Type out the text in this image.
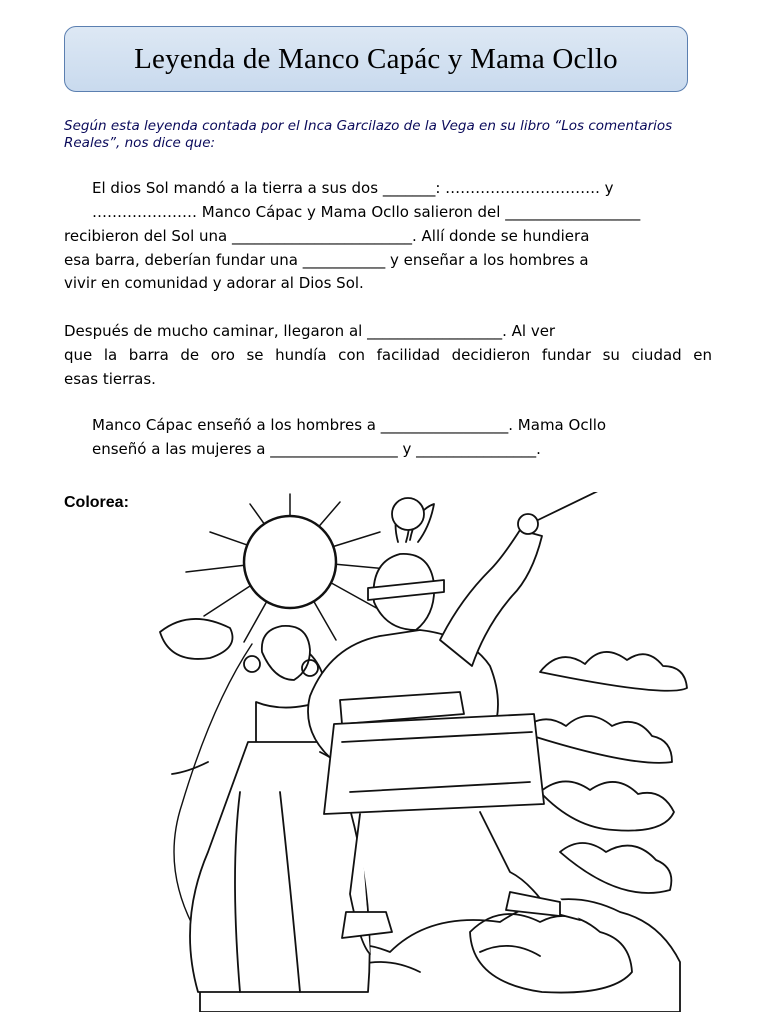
Leyenda de Manco Capác y Mama Ocllo
Según esta leyenda contada por el Inca Garcilazo de la Vega en su libro “Los comentarios Reales”, nos dice que:
El dios Sol mandó a la tierra a sus dos _______: …………………………. y
………………… Manco Cápac y Mama Ocllo salieron del __________________
recibieron del Sol una ________________________. Allí donde se hundiera
esa barra, deberían fundar una ___________ y enseñar a los hombres a
vivir en comunidad y adorar al Dios Sol.
Después de mucho caminar, llegaron al __________________. Al ver
que la barra de oro se hundía con facilidad decidieron fundar su ciudad en
esas tierras.
Manco Cápac enseñó a los hombres a _________________. Mama Ocllo
enseñó a las mujeres a _________________ y ________________.
Colorea:
